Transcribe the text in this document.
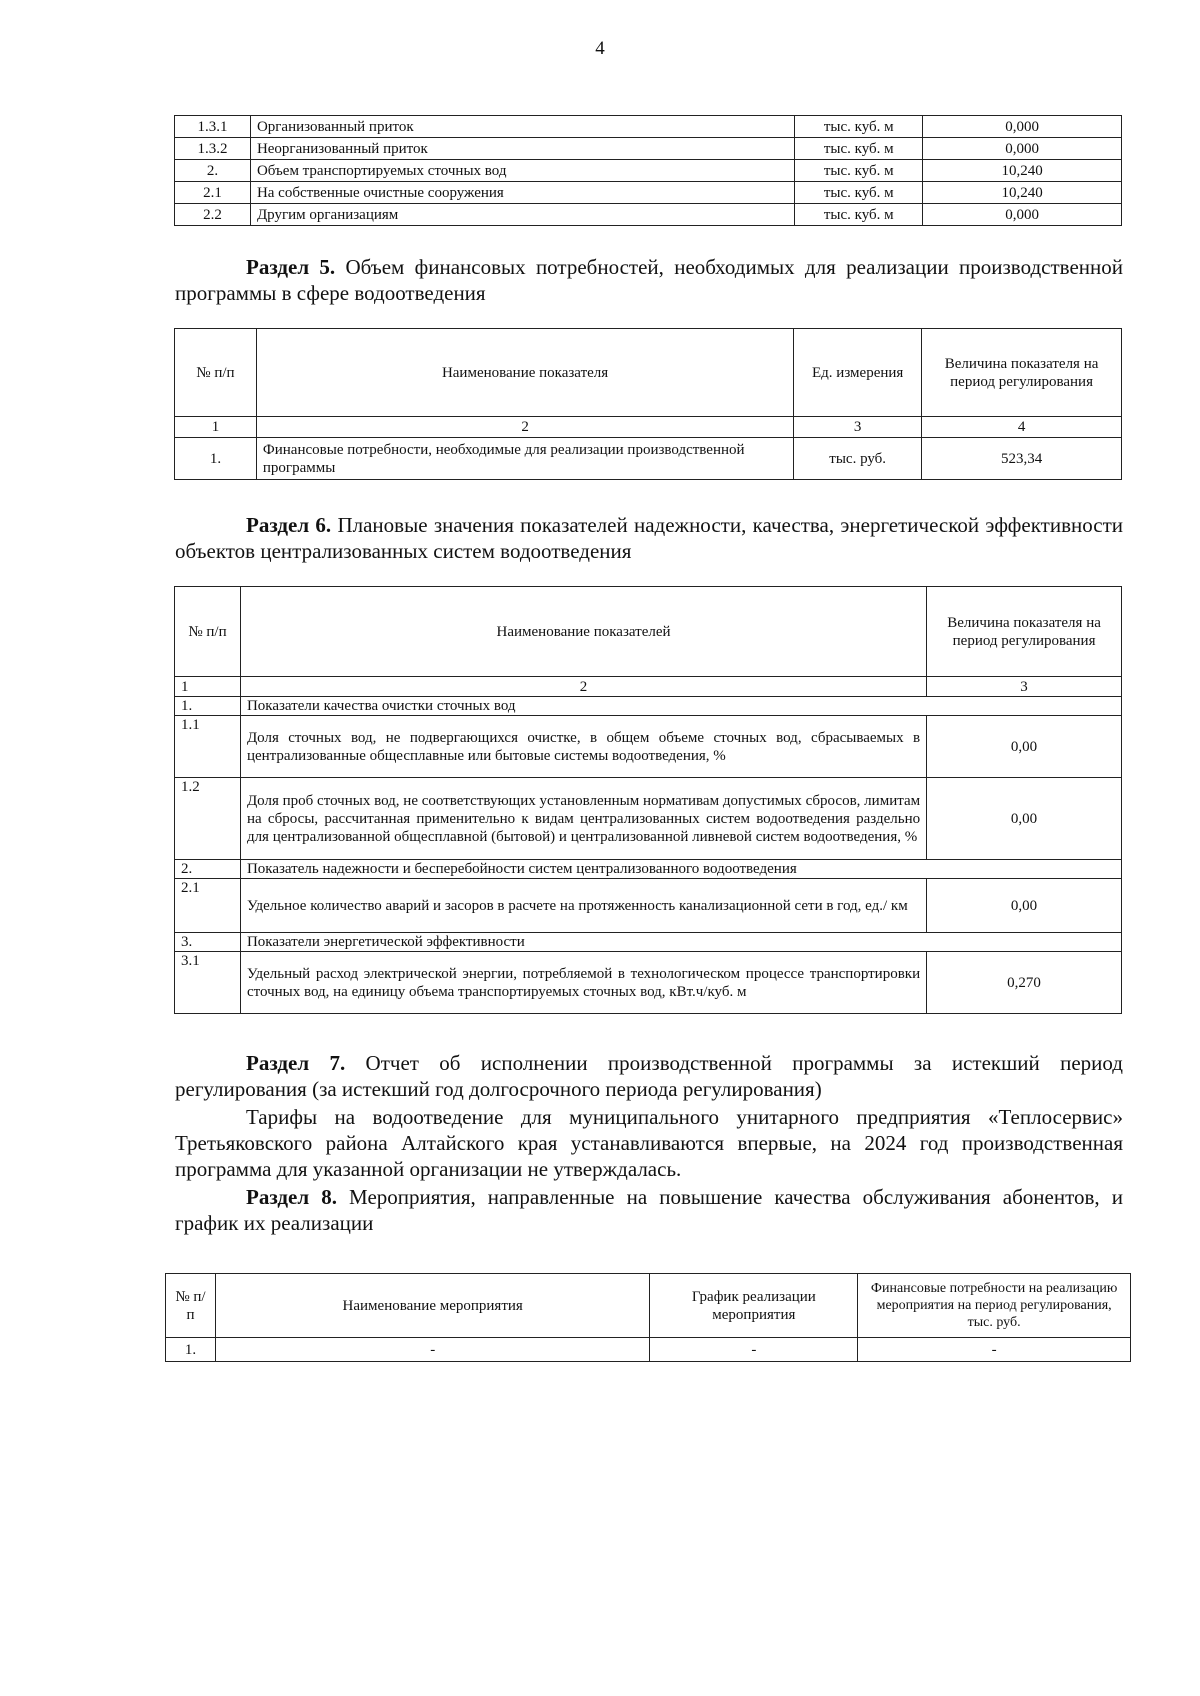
4
1.3.1	Организованный приток	тыс. куб. м	0,000
1.3.2	Неорганизованный приток	тыс. куб. м	0,000
2.	Объем транспортируемых сточных вод	тыс. куб. м	10,240
2.1	На собственные очистные сооружения	тыс. куб. м	10,240
2.2	Другим организациям	тыс. куб. м	0,000
Раздел 5. Объем финансовых потребностей, необходимых для реализации производственной программы в сфере водоотведения
№ п/п	Наименование показателя	Ед. измерения	Величина показателя на период регулирования
1	2	3	4
1.	Финансовые потребности, необходимые для реализации производственной программы	тыс. руб.	523,34
Раздел 6. Плановые значения показателей надежности, качества, энергетической эффективности объектов централизованных систем водоотведения
№ п/п	Наименование показателей	Величина показателя на период регулирования
1	2	3
1.	Показатели качества очистки сточных вод	
1.1	Доля сточных вод, не подвергающихся очистке, в общем объеме сточных вод, сбрасываемых в централизованные общесплавные или бытовые системы водоотведения, %	0,00
1.2	Доля проб сточных вод, не соответствующих установленным нормативам допустимых сбросов, лимитам на сбросы, рассчитанная применительно к видам централизованных систем водоотведения раздельно для централизованной общесплавной (бытовой) и централизованной ливневой систем водоотведения, %	0,00
2.	Показатель надежности и бесперебойности систем централизованного водоотведения	
2.1	Удельное количество аварий и засоров в расчете на протяженность канализационной сети в год, ед./ км	0,00
3.	Показатели энергетической эффективности	
3.1	Удельный расход электрической энергии, потребляемой в технологическом процессе транспортировки сточных вод, на единицу объема транспортируемых сточных вод, кВт.ч/куб. м	0,270
Раздел 7. Отчет об исполнении производственной программы за истекший период регулирования (за истекший год долгосрочного периода регулирования)
Тарифы на водоотведение для муниципального унитарного предприятия «Теплосервис» Третьяковского района Алтайского края устанавливаются впервые, на 2024 год производственная программа для указанной организации не утверждалась.
Раздел 8. Мероприятия, направленные на повышение качества обслуживания абонентов, и график их реализации
№ п/п	Наименование мероприятия	График реализации мероприятия	Финансовые потребности на реализацию мероприятия на период регулирования, тыс. руб.
1.	-	-	-
